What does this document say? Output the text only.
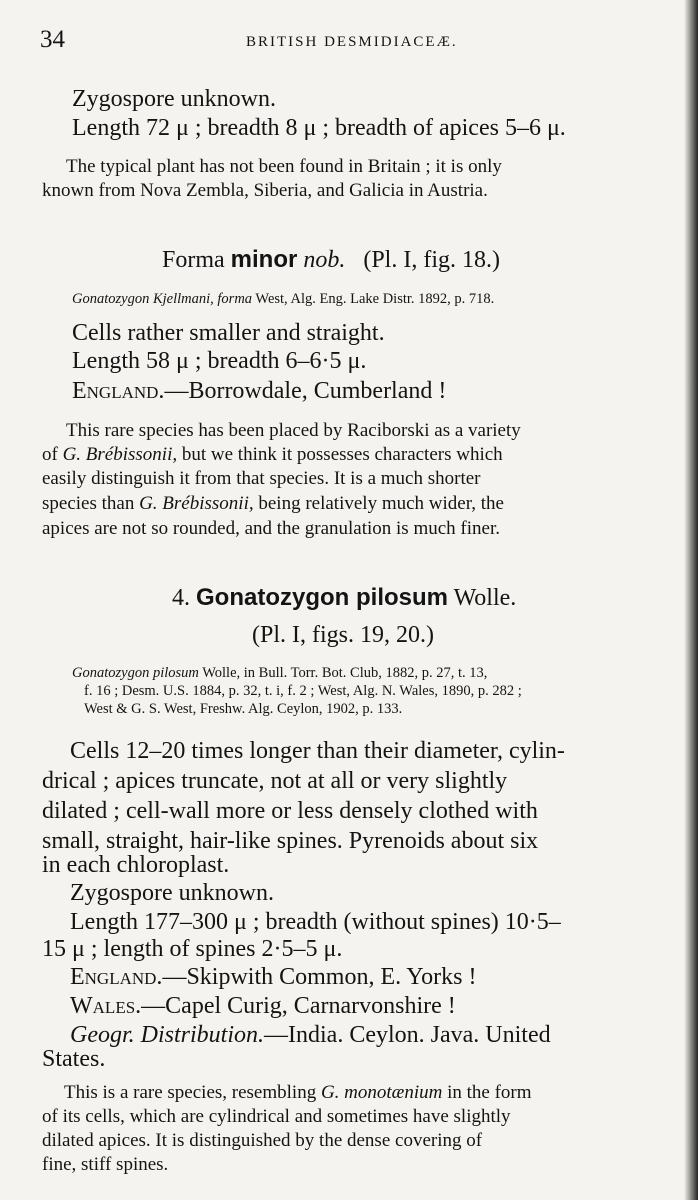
34	BRITISH DESMIDIACEÆ.
Zygospore unknown.
Length 72 μ ; breadth 8 μ ; breadth of apices 5–6 μ.
The typical plant has not been found in Britain ; it is only
known from Nova Zembla, Siberia, and Galicia in Austria.
Forma minor nob. (Pl. I, fig. 18.)
Gonatozygon Kjellmani, forma West, Alg. Eng. Lake Distr. 1892, p. 718.
Cells rather smaller and straight.
Length 58 μ ; breadth 6–6·5 μ.
England.—Borrowdale, Cumberland !
This rare species has been placed by Raciborski as a variety
of G. Brébissonii, but we think it possesses characters which
easily distinguish it from that species. It is a much shorter
species than G. Brébissonii, being relatively much wider, the
apices are not so rounded, and the granulation is much finer.
4. Gonatozygon pilosum Wolle.
(Pl. I, figs. 19, 20.)
Gonatozygon pilosum Wolle, in Bull. Torr. Bot. Club, 1882, p. 27, t. 13,
f. 16 ; Desm. U.S. 1884, p. 32, t. i, f. 2 ; West, Alg. N. Wales, 1890, p. 282 ;
West & G. S. West, Freshw. Alg. Ceylon, 1902, p. 133.
Cells 12–20 times longer than their diameter, cylin-
drical ; apices truncate, not at all or very slightly
dilated ; cell-wall more or less densely clothed with
small, straight, hair-like spines. Pyrenoids about six
in each chloroplast.
Zygospore unknown.
Length 177–300 μ ; breadth (without spines) 10·5–
15 μ ; length of spines 2·5–5 μ.
England.—Skipwith Common, E. Yorks !
Wales.—Capel Curig, Carnarvonshire !
Geogr. Distribution.—India. Ceylon. Java. United
States.
This is a rare species, resembling G. monotænium in the form
of its cells, which are cylindrical and sometimes have slightly
dilated apices. It is distinguished by the dense covering of
fine, stiff spines.
